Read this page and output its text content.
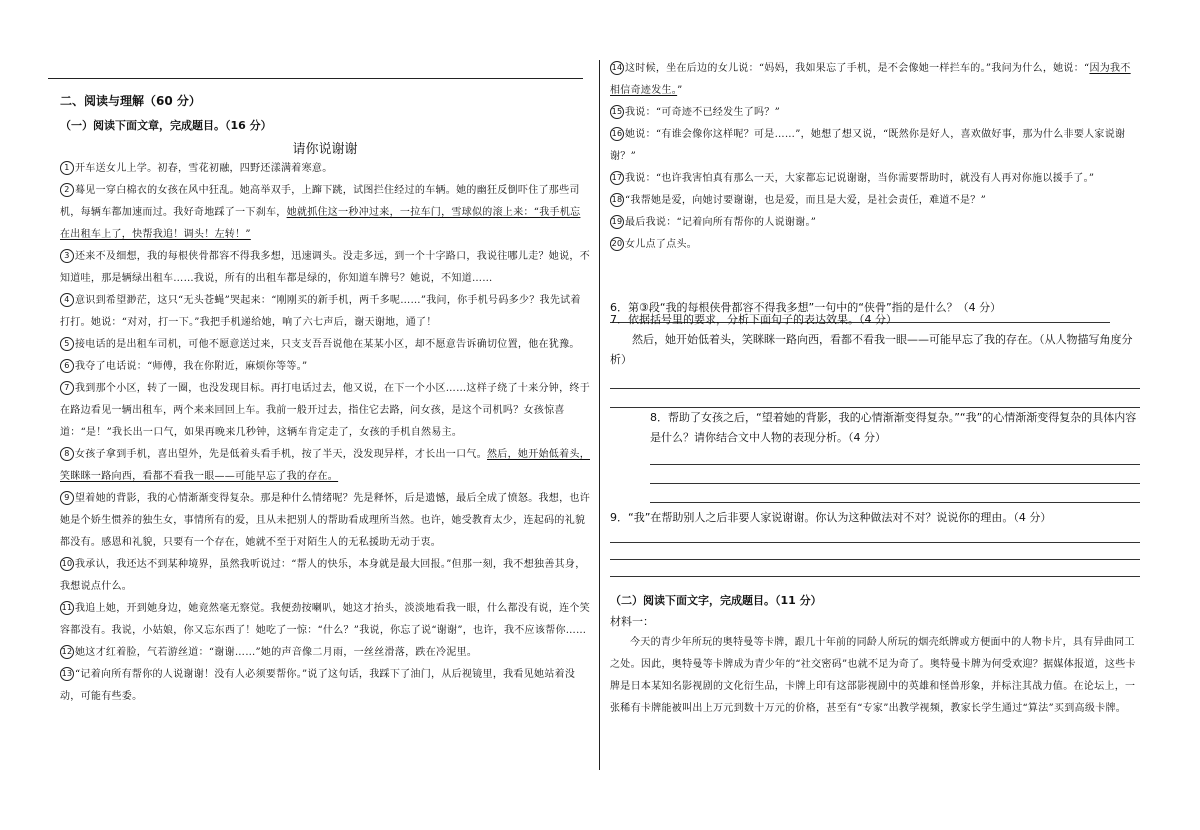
二、阅读与理解（60 分）
（一）阅读下面文章，完成题目。（16 分）
请你说谢谢

1 开车送女儿上学。初春，雪花初融，四野还漾满着寒意。

2 蓦见一穿白棉衣的女孩在风中狂乱。她高举双手，上蹿下跳，试图拦住经过的车辆。她的幽狂反倒吓住了那些司机，每辆车都加速而过。我好奇地踩了一下刹车，她就抓住这一秒冲过来，一拉车门，雪球似的滚上来：“我手机忘在出租车上了，快帮我追！调头！左转！”

3 还来不及细想，我的每根侠骨都容不得我多想，迅速调头。没走多远，到一个十字路口，我说往哪儿走？她说，不知道哇，那是辆绿出租车……我说，所有的出租车都是绿的，你知道车牌号？她说，不知道……

4 意识到希望渺茫，这只“无头苍蝇”哭起来：“刚刚买的新手机，两千多呢……”我问，你手机号码多少？我先试着打打。她说：“对对，打一下。”我把手机递给她，响了六七声后，谢天谢地，通了！

5 接电话的是出租车司机，可他不愿意送过来，只支支吾吾说他在某某小区，却不愿意告诉确切位置，他在犹豫。

6 我夺了电话说：“师傅，我在你附近，麻烦你等等。”

7 我到那个小区，转了一圈，也没发现目标。再打电话过去，他又说，在下一个小区……这样子绕了十来分钟，终于在路边看见一辆出租车，两个来来回回上车。我前一般开过去，指住它去路，问女孩，是这个司机吗？女孩惊喜道：“是！”我长出一口气，如果再晚来几秒钟，这辆车肯定走了，女孩的手机自然易主。

8 女孩子拿到手机，喜出望外，先是低着头看手机，按了半天，没发现异样，才长出一口气。然后，她开始低着头，笑眯眯一路向西，看都不看我一眼——可能早忘了我的存在。

9 望着她的背影，我的心情渐渐变得复杂。那是种什么情绪呢？先是释怀，后是遗憾，最后全成了愤怒。我想，也许她是个娇生惯养的独生女，事情所有的爱，且从未把别人的帮助看成理所当然。也许，她受教育太少，连起码的礼貌都没有。感恩和礼貌，只要有一个存在，她就不至于对陌生人的无私援助无动于衷。

10 我承认，我还达不到某种境界，虽然我听说过：“帮人的快乐，本身就是最大回报。”但那一刻，我不想独善其身，我想说点什么。

11 我追上她，开到她身边，她竟然毫无察觉。我便劲按喇叭，她这才抬头，淡淡地看我一眼，什么都没有说，连个笑容都没有。我说，小姑娘，你又忘东西了！她吃了一惊：“什么？”我说，你忘了说“谢谢”，也许，我不应该帮你……

12 她这才红着脸，气若游丝道：“谢谢……”她的声音像二月雨，一丝丝滑落，跌在冷泥里。

13 “记着向所有帮你的人说谢谢！没有人必须要帮你。”说了这句话，我踩下了油门，从后视镜里，我看见她站着没动，可能有些委。

14 这时候，坐在后边的女儿说：“妈妈，我如果忘了手机，是不会像她一样拦车的。”我问为什么，她说：“因为我不相信奇迹发生。”

15 我说：“可奇迹不已经发生了吗？”

16 她说：“有谁会像你这样呢？可是……”，她想了想又说，“既然你是好人，喜欢做好事，那为什么非要人家说谢谢？”

17 我说：“也许我害怕真有那么一天，大家都忘记说谢谢，当你需要帮助时，就没有人再对你施以援手了。”

18 “我帮她是爱，向她讨要谢谢，也是爱，而且是大爱，是社会责任，难道不是？”

19 最后我说：“记着向所有帮你的人说谢谢。”

20 女儿点了点头。

6．第③段“我的每根侠骨都容不得我多想”一句中的“侠骨”指的是什么？（4 分）

7．依据括号里的要求，分析下面句子的表达效果。（4 分）

然后，她开始低着头，笑眯眯一路向西，看都不看我一眼——可能早忘了我的存在。（从人物描写角度分析）

8．帮助了女孩之后，“望着她的背影，我的心情渐渐变得复杂。”“我”的心情渐渐变得复杂的具体内容是什么？请你结合文中人物的表现分析。（4 分）

9．“我”在帮助别人之后非要人家说谢谢。你认为这种做法对不对？说说你的理由。（4 分）

（二）阅读下面文字，完成题目。（11 分）

材料一：

今天的青少年所玩的奥特曼等卡牌，跟几十年前的同龄人所玩的烟壳纸牌或方便面中的人物卡片，具有异曲同工之处。因此，奥特曼等卡牌成为青少年的“社交密码”也就不足为奇了。奥特曼卡牌为何受欢迎？据媒体报道，这些卡牌是日本某知名影视剧的文化衍生品，卡牌上印有这部影视剧中的英雄和怪兽形象，并标注其战力值。在论坛上，一张稀有卡牌能被叫出上万元到数十万元的价格，甚至有“专家”出教学视频，教家长学生通过“算法”买到高级卡牌。
